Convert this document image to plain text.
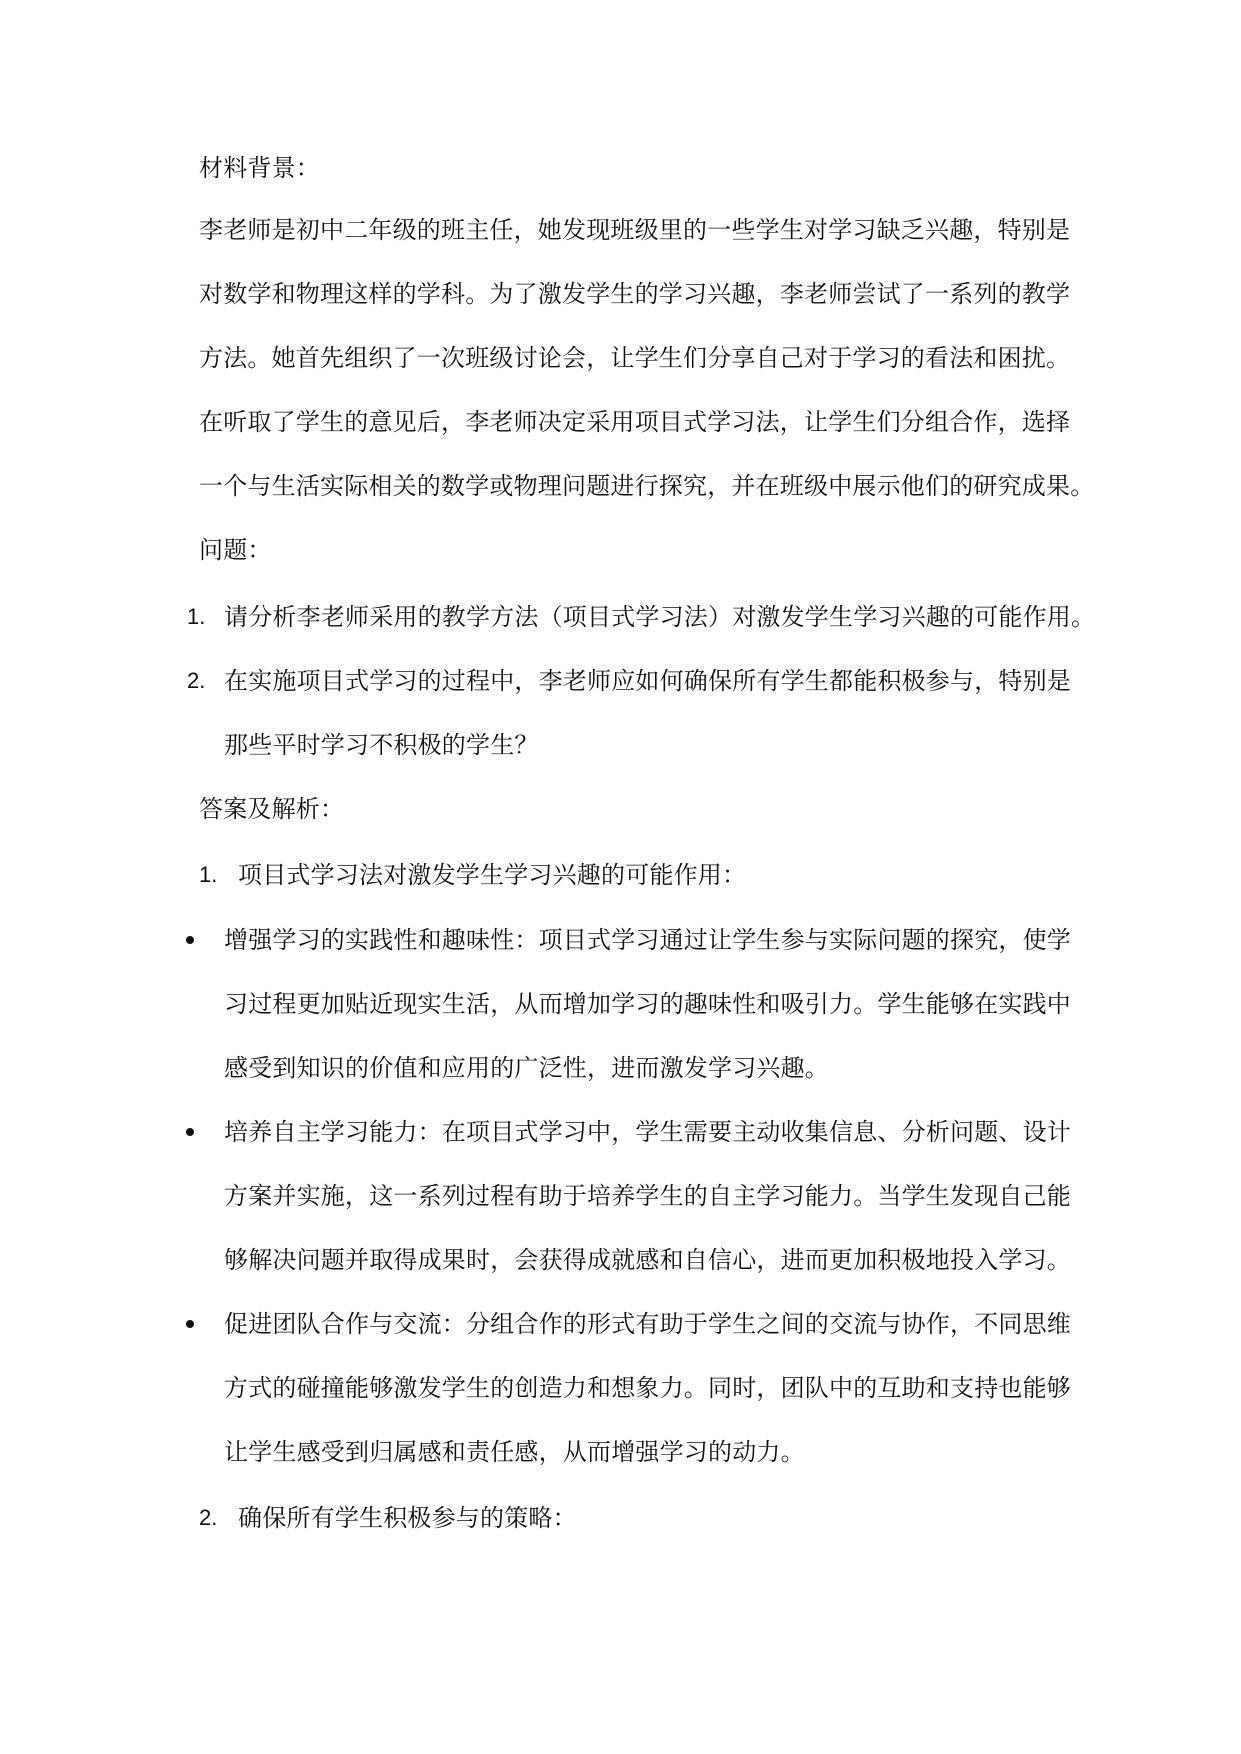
材料背景：
李老师是初中二年级的班主任，她发现班级里的一些学生对学习缺乏兴趣，特别是
对数学和物理这样的学科。为了激发学生的学习兴趣，李老师尝试了一系列的教学
方法。她首先组织了一次班级讨论会，让学生们分享自己对于学习的看法和困扰。
在听取了学生的意见后，李老师决定采用项目式学习法，让学生们分组合作，选择
一个与生活实际相关的数学或物理问题进行探究，并在班级中展示他们的研究成果。
问题：
1. 请分析李老师采用的教学方法（项目式学习法）对激发学生学习兴趣的可能作用。
2. 在实施项目式学习的过程中，李老师应如何确保所有学生都能积极参与，特别是
那些平时学习不积极的学生？
答案及解析：
1. 项目式学习法对激发学生学习兴趣的可能作用：
增强学习的实践性和趣味性：项目式学习通过让学生参与实际问题的探究，使学
习过程更加贴近现实生活，从而增加学习的趣味性和吸引力。学生能够在实践中
感受到知识的价值和应用的广泛性，进而激发学习兴趣。
培养自主学习能力：在项目式学习中，学生需要主动收集信息、分析问题、设计
方案并实施，这一系列过程有助于培养学生的自主学习能力。当学生发现自己能
够解决问题并取得成果时，会获得成就感和自信心，进而更加积极地投入学习。
促进团队合作与交流：分组合作的形式有助于学生之间的交流与协作，不同思维
方式的碰撞能够激发学生的创造力和想象力。同时，团队中的互助和支持也能够
让学生感受到归属感和责任感，从而增强学习的动力。
2. 确保所有学生积极参与的策略：
